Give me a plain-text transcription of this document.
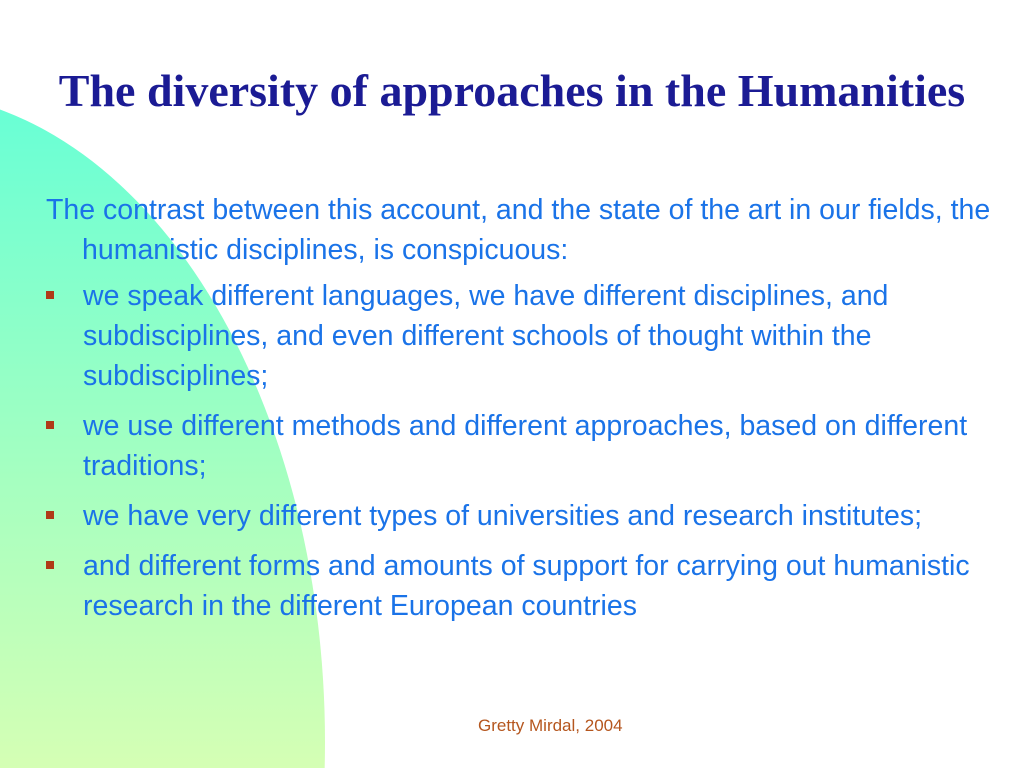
The diversity of approaches in the Humanities

The contrast between this account, and the state of the art in our fields, the humanistic disciplines, is conspicuous:

we speak different languages, we have different disciplines, and subdisciplines, and even different schools of thought within the subdisciplines;
we use different methods and different approaches, based on different traditions;
we have very different types of universities and research institutes;
and different forms and amounts of support for carrying out humanistic research in the different European countries
Gretty Mirdal, 2004
